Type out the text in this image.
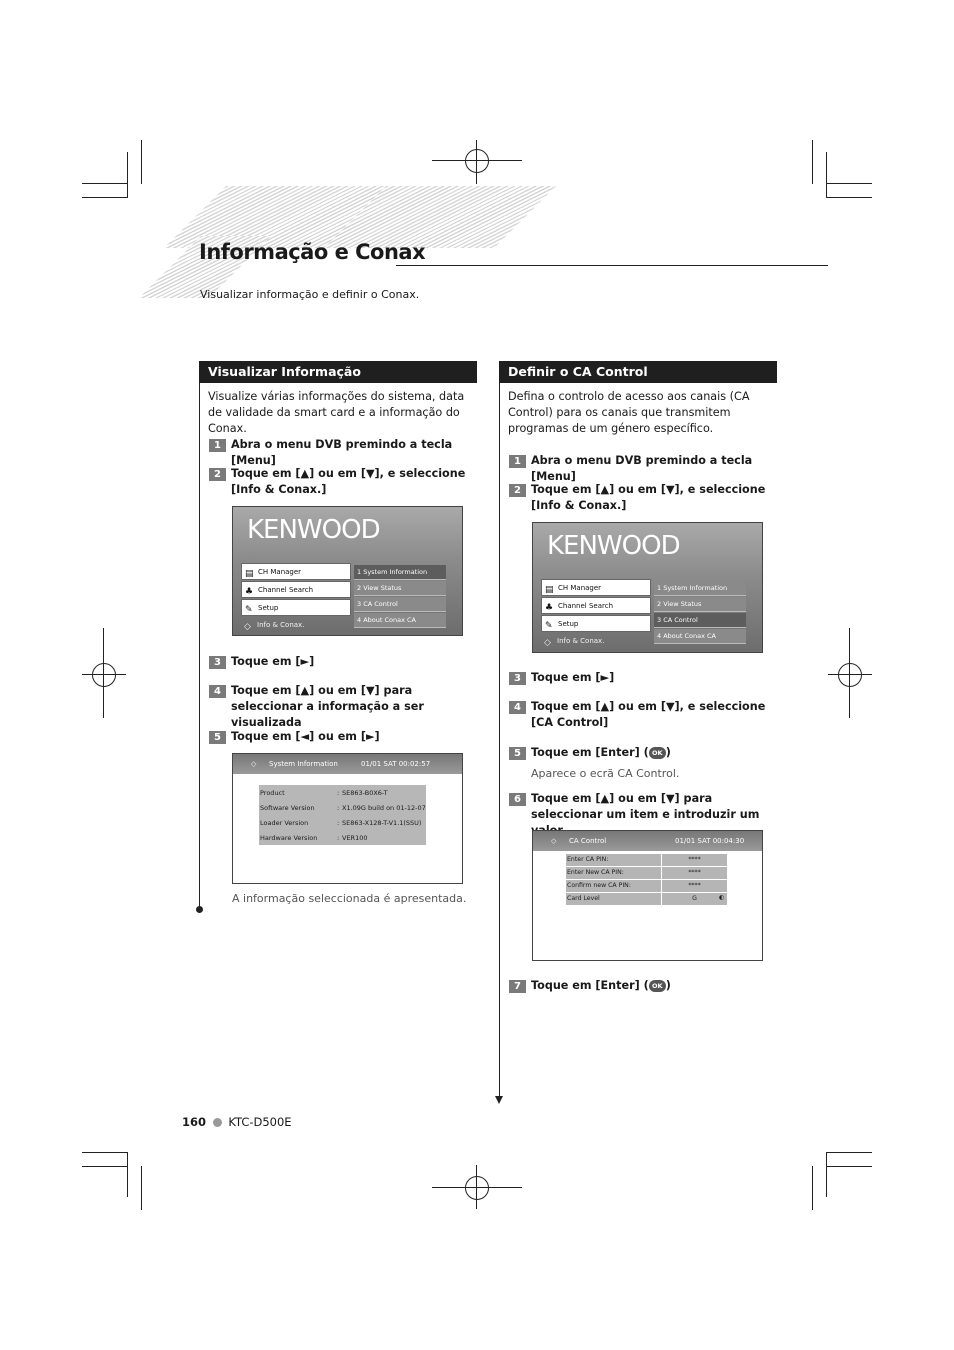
Informação e Conax
Visualizar informação e definir o Conax.
Visualizar Informação
Visualize várias informações do sistema, data de validade da smart card e a informação do Conax.
1 Abra o menu DVB premindo a tecla [Menu]
2 Toque em [▲] ou em [▼], e seleccione [Info & Conax.]
KENWOOD
▤ CH Manager
♣ Channel Search
✎ Setup
◇ Info & Conax.
1 System Information
2 View Status
3 CA Control
4 About Conax CA
3 Toque em [►]
4 Toque em [▲] ou em [▼] para seleccionar a informação a ser visualizada
5 Toque em [◄] ou em [►]
◇ System Information	01/01 SAT 00:02:57
Product	: SE863-B0X6-T
Software Version	: X1.09G build on 01-12-07
Loader Version	: SE863-X128-T-V1.1(SSU)
Hardware Version	: VER100
A informação seleccionada é apresentada.
Definir o CA Control
Defina o controlo de acesso aos canais (CA Control) para os canais que transmitem programas de um género específico.
1 Abra o menu DVB premindo a tecla [Menu]
2 Toque em [▲] ou em [▼], e seleccione [Info & Conax.]
KENWOOD
▤ CH Manager
♣ Channel Search
✎ Setup
◇ Info & Conax.
1 System Information
2 View Status
3 CA Control
4 About Conax CA
3 Toque em [►]
4 Toque em [▲] ou em [▼], e seleccione [CA Control]
5 Toque em [Enter] ( OK )
Aparece o ecrã CA Control.
6 Toque em [▲] ou em [▼] para seleccionar um item e introduzir um
◇ CA Control	01/01 SAT 00:04:30
Enter CA PIN:	****
Enter New CA PIN:	****
Confirm new CA PIN:	****
Card Level	G	◐
7 Toque em [Enter] ( OK )
160 KTC-D500E
